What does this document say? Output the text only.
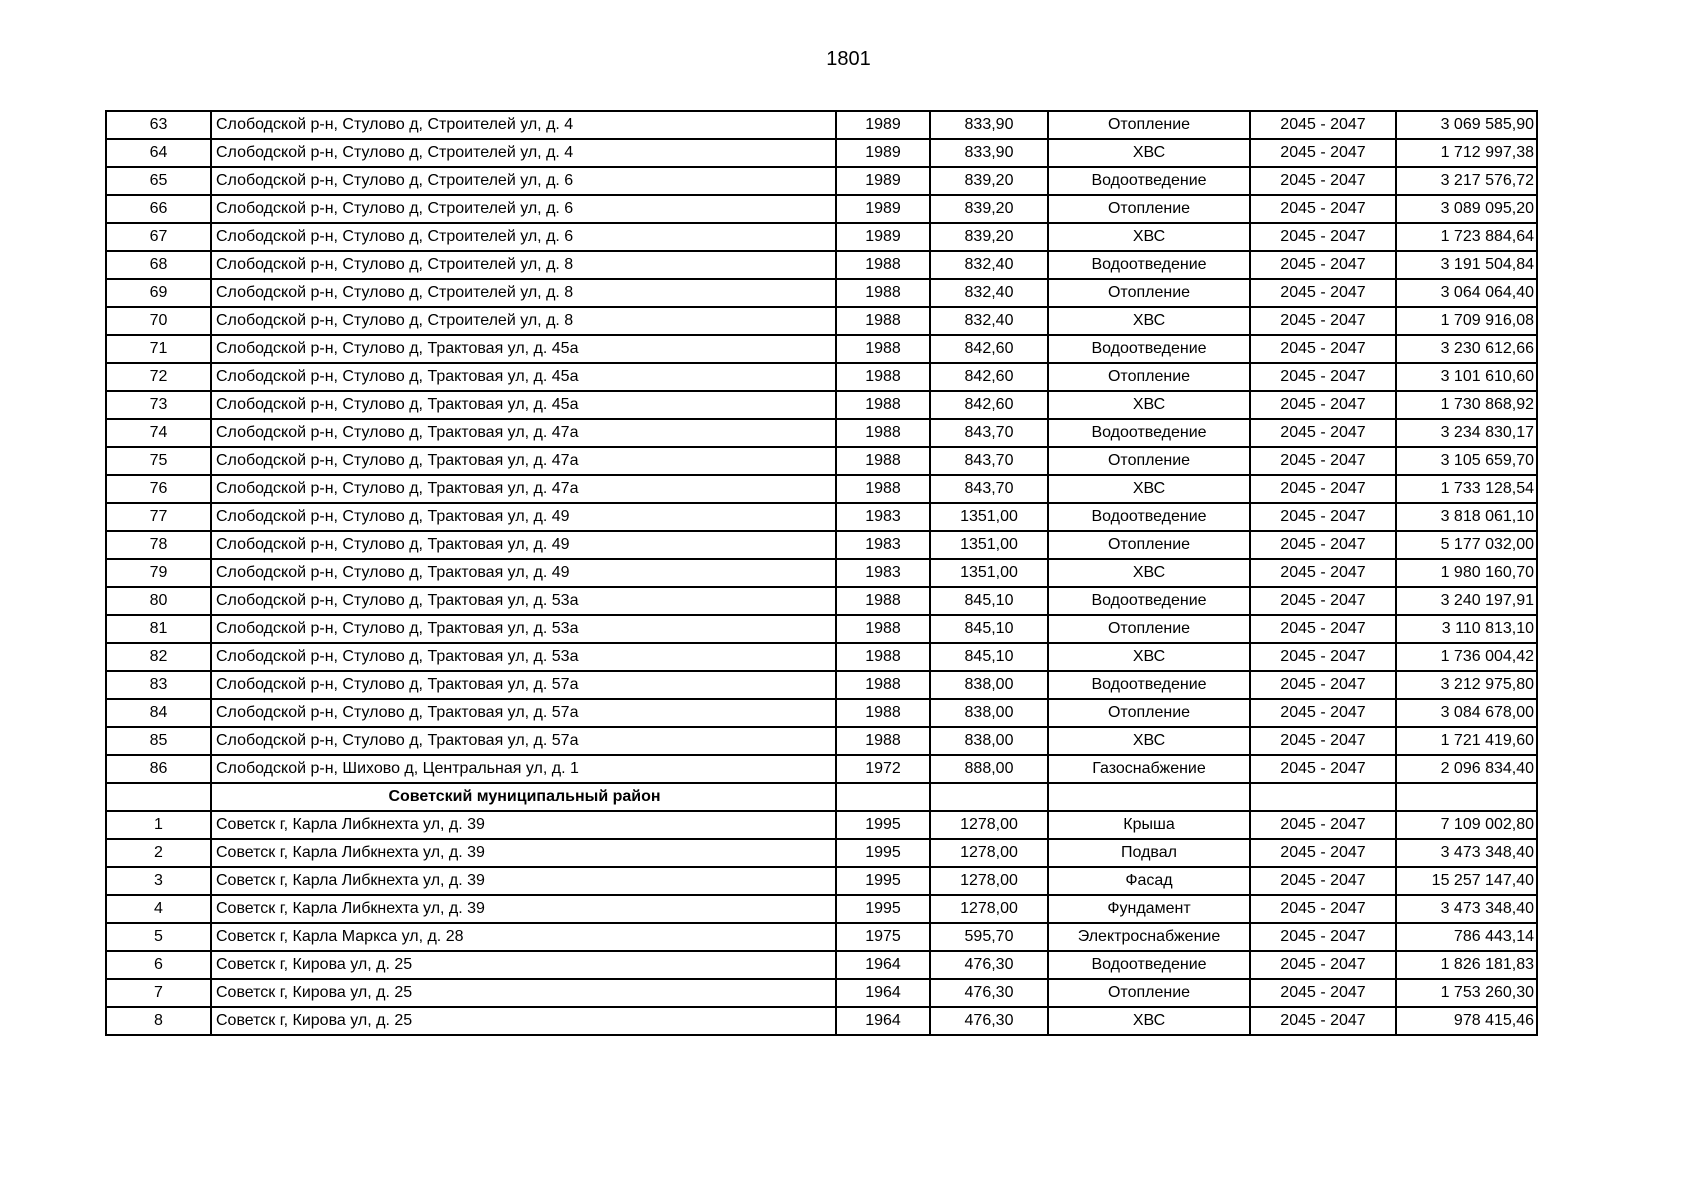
1801
63	Слободской р-н, Стулово д, Строителей ул, д. 4	1989	833,90	Отопление	2045 - 2047	3 069 585,90
64	Слободской р-н, Стулово д, Строителей ул, д. 4	1989	833,90	ХВС	2045 - 2047	1 712 997,38
65	Слободской р-н, Стулово д, Строителей ул, д. 6	1989	839,20	Водоотведение	2045 - 2047	3 217 576,72
66	Слободской р-н, Стулово д, Строителей ул, д. 6	1989	839,20	Отопление	2045 - 2047	3 089 095,20
67	Слободской р-н, Стулово д, Строителей ул, д. 6	1989	839,20	ХВС	2045 - 2047	1 723 884,64
68	Слободской р-н, Стулово д, Строителей ул, д. 8	1988	832,40	Водоотведение	2045 - 2047	3 191 504,84
69	Слободской р-н, Стулово д, Строителей ул, д. 8	1988	832,40	Отопление	2045 - 2047	3 064 064,40
70	Слободской р-н, Стулово д, Строителей ул, д. 8	1988	832,40	ХВС	2045 - 2047	1 709 916,08
71	Слободской р-н, Стулово д, Трактовая ул, д. 45а	1988	842,60	Водоотведение	2045 - 2047	3 230 612,66
72	Слободской р-н, Стулово д, Трактовая ул, д. 45а	1988	842,60	Отопление	2045 - 2047	3 101 610,60
73	Слободской р-н, Стулово д, Трактовая ул, д. 45а	1988	842,60	ХВС	2045 - 2047	1 730 868,92
74	Слободской р-н, Стулово д, Трактовая ул, д. 47а	1988	843,70	Водоотведение	2045 - 2047	3 234 830,17
75	Слободской р-н, Стулово д, Трактовая ул, д. 47а	1988	843,70	Отопление	2045 - 2047	3 105 659,70
76	Слободской р-н, Стулово д, Трактовая ул, д. 47а	1988	843,70	ХВС	2045 - 2047	1 733 128,54
77	Слободской р-н, Стулово д, Трактовая ул, д. 49	1983	1351,00	Водоотведение	2045 - 2047	3 818 061,10
78	Слободской р-н, Стулово д, Трактовая ул, д. 49	1983	1351,00	Отопление	2045 - 2047	5 177 032,00
79	Слободской р-н, Стулово д, Трактовая ул, д. 49	1983	1351,00	ХВС	2045 - 2047	1 980 160,70
80	Слободской р-н, Стулово д, Трактовая ул, д. 53а	1988	845,10	Водоотведение	2045 - 2047	3 240 197,91
81	Слободской р-н, Стулово д, Трактовая ул, д. 53а	1988	845,10	Отопление	2045 - 2047	3 110 813,10
82	Слободской р-н, Стулово д, Трактовая ул, д. 53а	1988	845,10	ХВС	2045 - 2047	1 736 004,42
83	Слободской р-н, Стулово д, Трактовая ул, д. 57а	1988	838,00	Водоотведение	2045 - 2047	3 212 975,80
84	Слободской р-н, Стулово д, Трактовая ул, д. 57а	1988	838,00	Отопление	2045 - 2047	3 084 678,00
85	Слободской р-н, Стулово д, Трактовая ул, д. 57а	1988	838,00	ХВС	2045 - 2047	1 721 419,60
86	Слободской р-н, Шихово д, Центральная ул, д. 1	1972	888,00	Газоснабжение	2045 - 2047	2 096 834,40
	Советский муниципальный район					
1	Советск г, Карла Либкнехта ул, д. 39	1995	1278,00	Крыша	2045 - 2047	7 109 002,80
2	Советск г, Карла Либкнехта ул, д. 39	1995	1278,00	Подвал	2045 - 2047	3 473 348,40
3	Советск г, Карла Либкнехта ул, д. 39	1995	1278,00	Фасад	2045 - 2047	15 257 147,40
4	Советск г, Карла Либкнехта ул, д. 39	1995	1278,00	Фундамент	2045 - 2047	3 473 348,40
5	Советск г, Карла Маркса ул, д. 28	1975	595,70	Электроснабжение	2045 - 2047	786 443,14
6	Советск г, Кирова ул, д. 25	1964	476,30	Водоотведение	2045 - 2047	1 826 181,83
7	Советск г, Кирова ул, д. 25	1964	476,30	Отопление	2045 - 2047	1 753 260,30
8	Советск г, Кирова ул, д. 25	1964	476,30	ХВС	2045 - 2047	978 415,46
